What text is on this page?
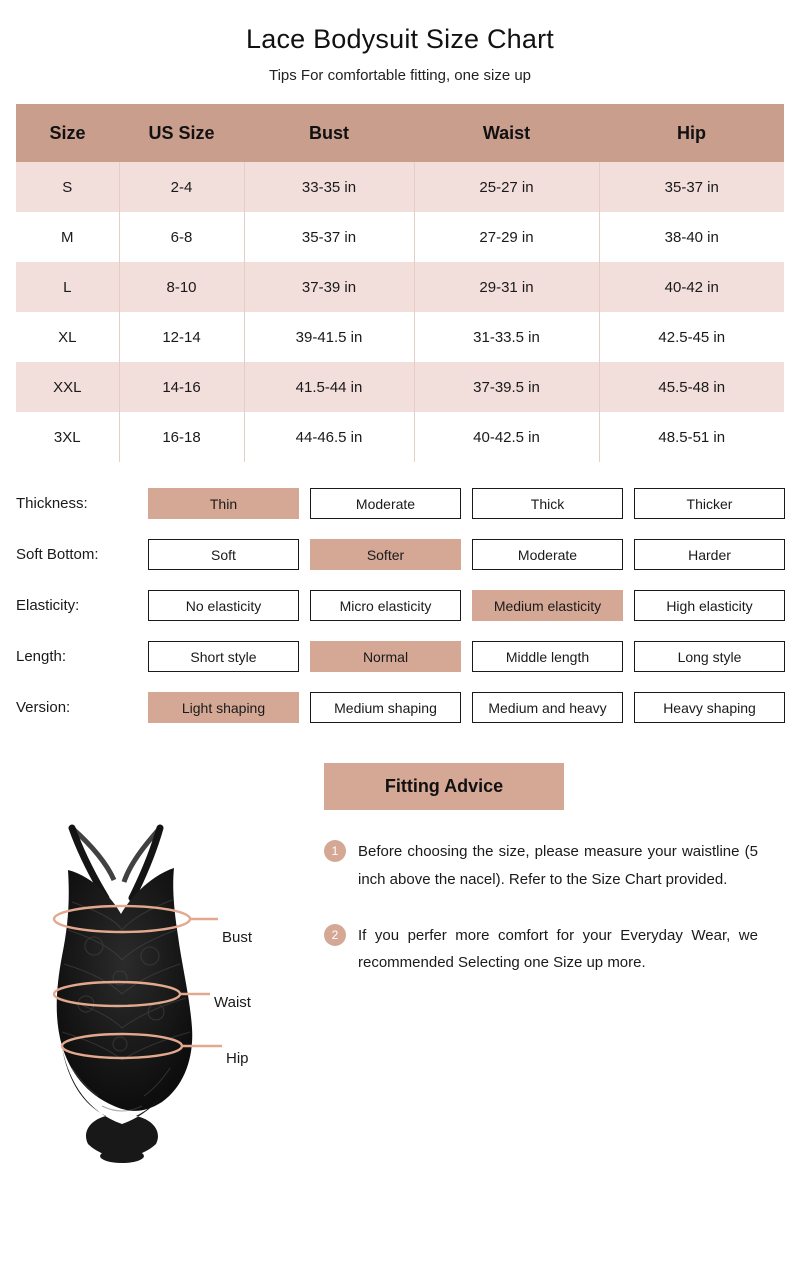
Lace Bodysuit Size Chart
Tips For comfortable fitting, one size up
Size	US Size	Bust	Waist	Hip
S	2-4	33-35 in	25-27 in	35-37 in
M	6-8	35-37 in	27-29 in	38-40 in
L	8-10	37-39 in	29-31 in	40-42 in
XL	12-14	39-41.5 in	31-33.5 in	42.5-45 in
XXL	14-16	41.5-44 in	37-39.5 in	45.5-48 in
3XL	16-18	44-46.5 in	40-42.5 in	48.5-51 in
Thickness:	Thin	Moderate	Thick	Thicker
Soft Bottom:	Soft	Softer	Moderate	Harder
Elasticity:	No elasticity	Micro elasticity	Medium elasticity	High elasticity
Length:	Short style	Normal	Middle length	Long style
Version:	Light shaping	Medium shaping	Medium and heavy	Heavy shaping
Fitting Advice
1	Before choosing the size, please measure your waistline (5 inch above the nacel). Refer to the Size Chart provided.
2	If you perfer more comfort for your Everyday Wear, we recommended Selecting one Size up more.
Bust
Waist
Hip
